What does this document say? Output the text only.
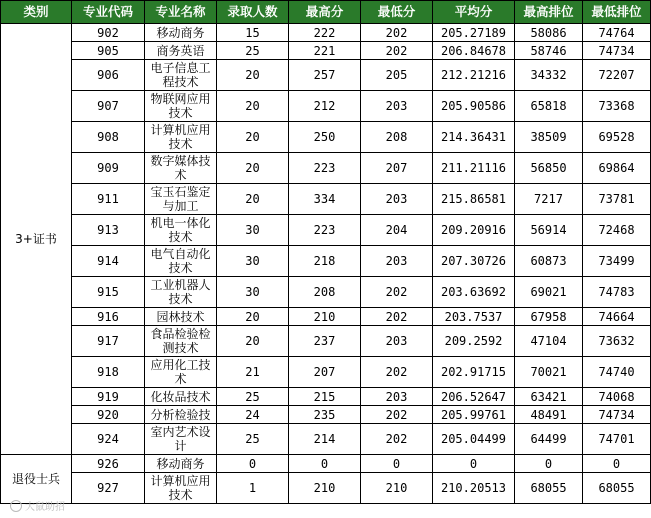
类别	专业代码	专业名称	录取人数	最高分	最低分	平均分	最高排位	最低排位
3+证书	902	移动商务	15	222	202	205.27189	58086	74764
	905	商务英语	25	221	202	206.84678	58746	74734
	906	电子信息工程技术	20	257	205	212.21216	34332	72207
	907	物联网应用技术	20	212	203	205.90586	65818	73368
	908	计算机应用技术	20	250	208	214.36431	38509	69528
	909	数字媒体技术	20	223	207	211.21116	56850	69864
	911	宝玉石鉴定与加工	20	334	203	215.86581	7217	73781
	913	机电一体化技术	30	223	204	209.20916	56914	72468
	914	电气自动化技术	30	218	203	207.30726	60873	73499
	915	工业机器人技术	30	208	202	203.63692	69021	74783
	916	园林技术	20	210	202	203.7537	67958	74664
	917	食品检验检测技术	20	237	203	209.2592	47104	73632
	918	应用化工技术	21	207	202	202.91715	70021	74740
	919	化妆品技术	25	215	203	206.52647	63421	74068
	920	分析检验技	24	235	202	205.99761	48491	74734
	924	室内艺术设计	25	214	202	205.04499	64499	74701
退役士兵	926	移动商务	0	0	0	0	0	0
	927	计算机应用技术	1	210	210	210.20513	68055	68055
大鼠助招
